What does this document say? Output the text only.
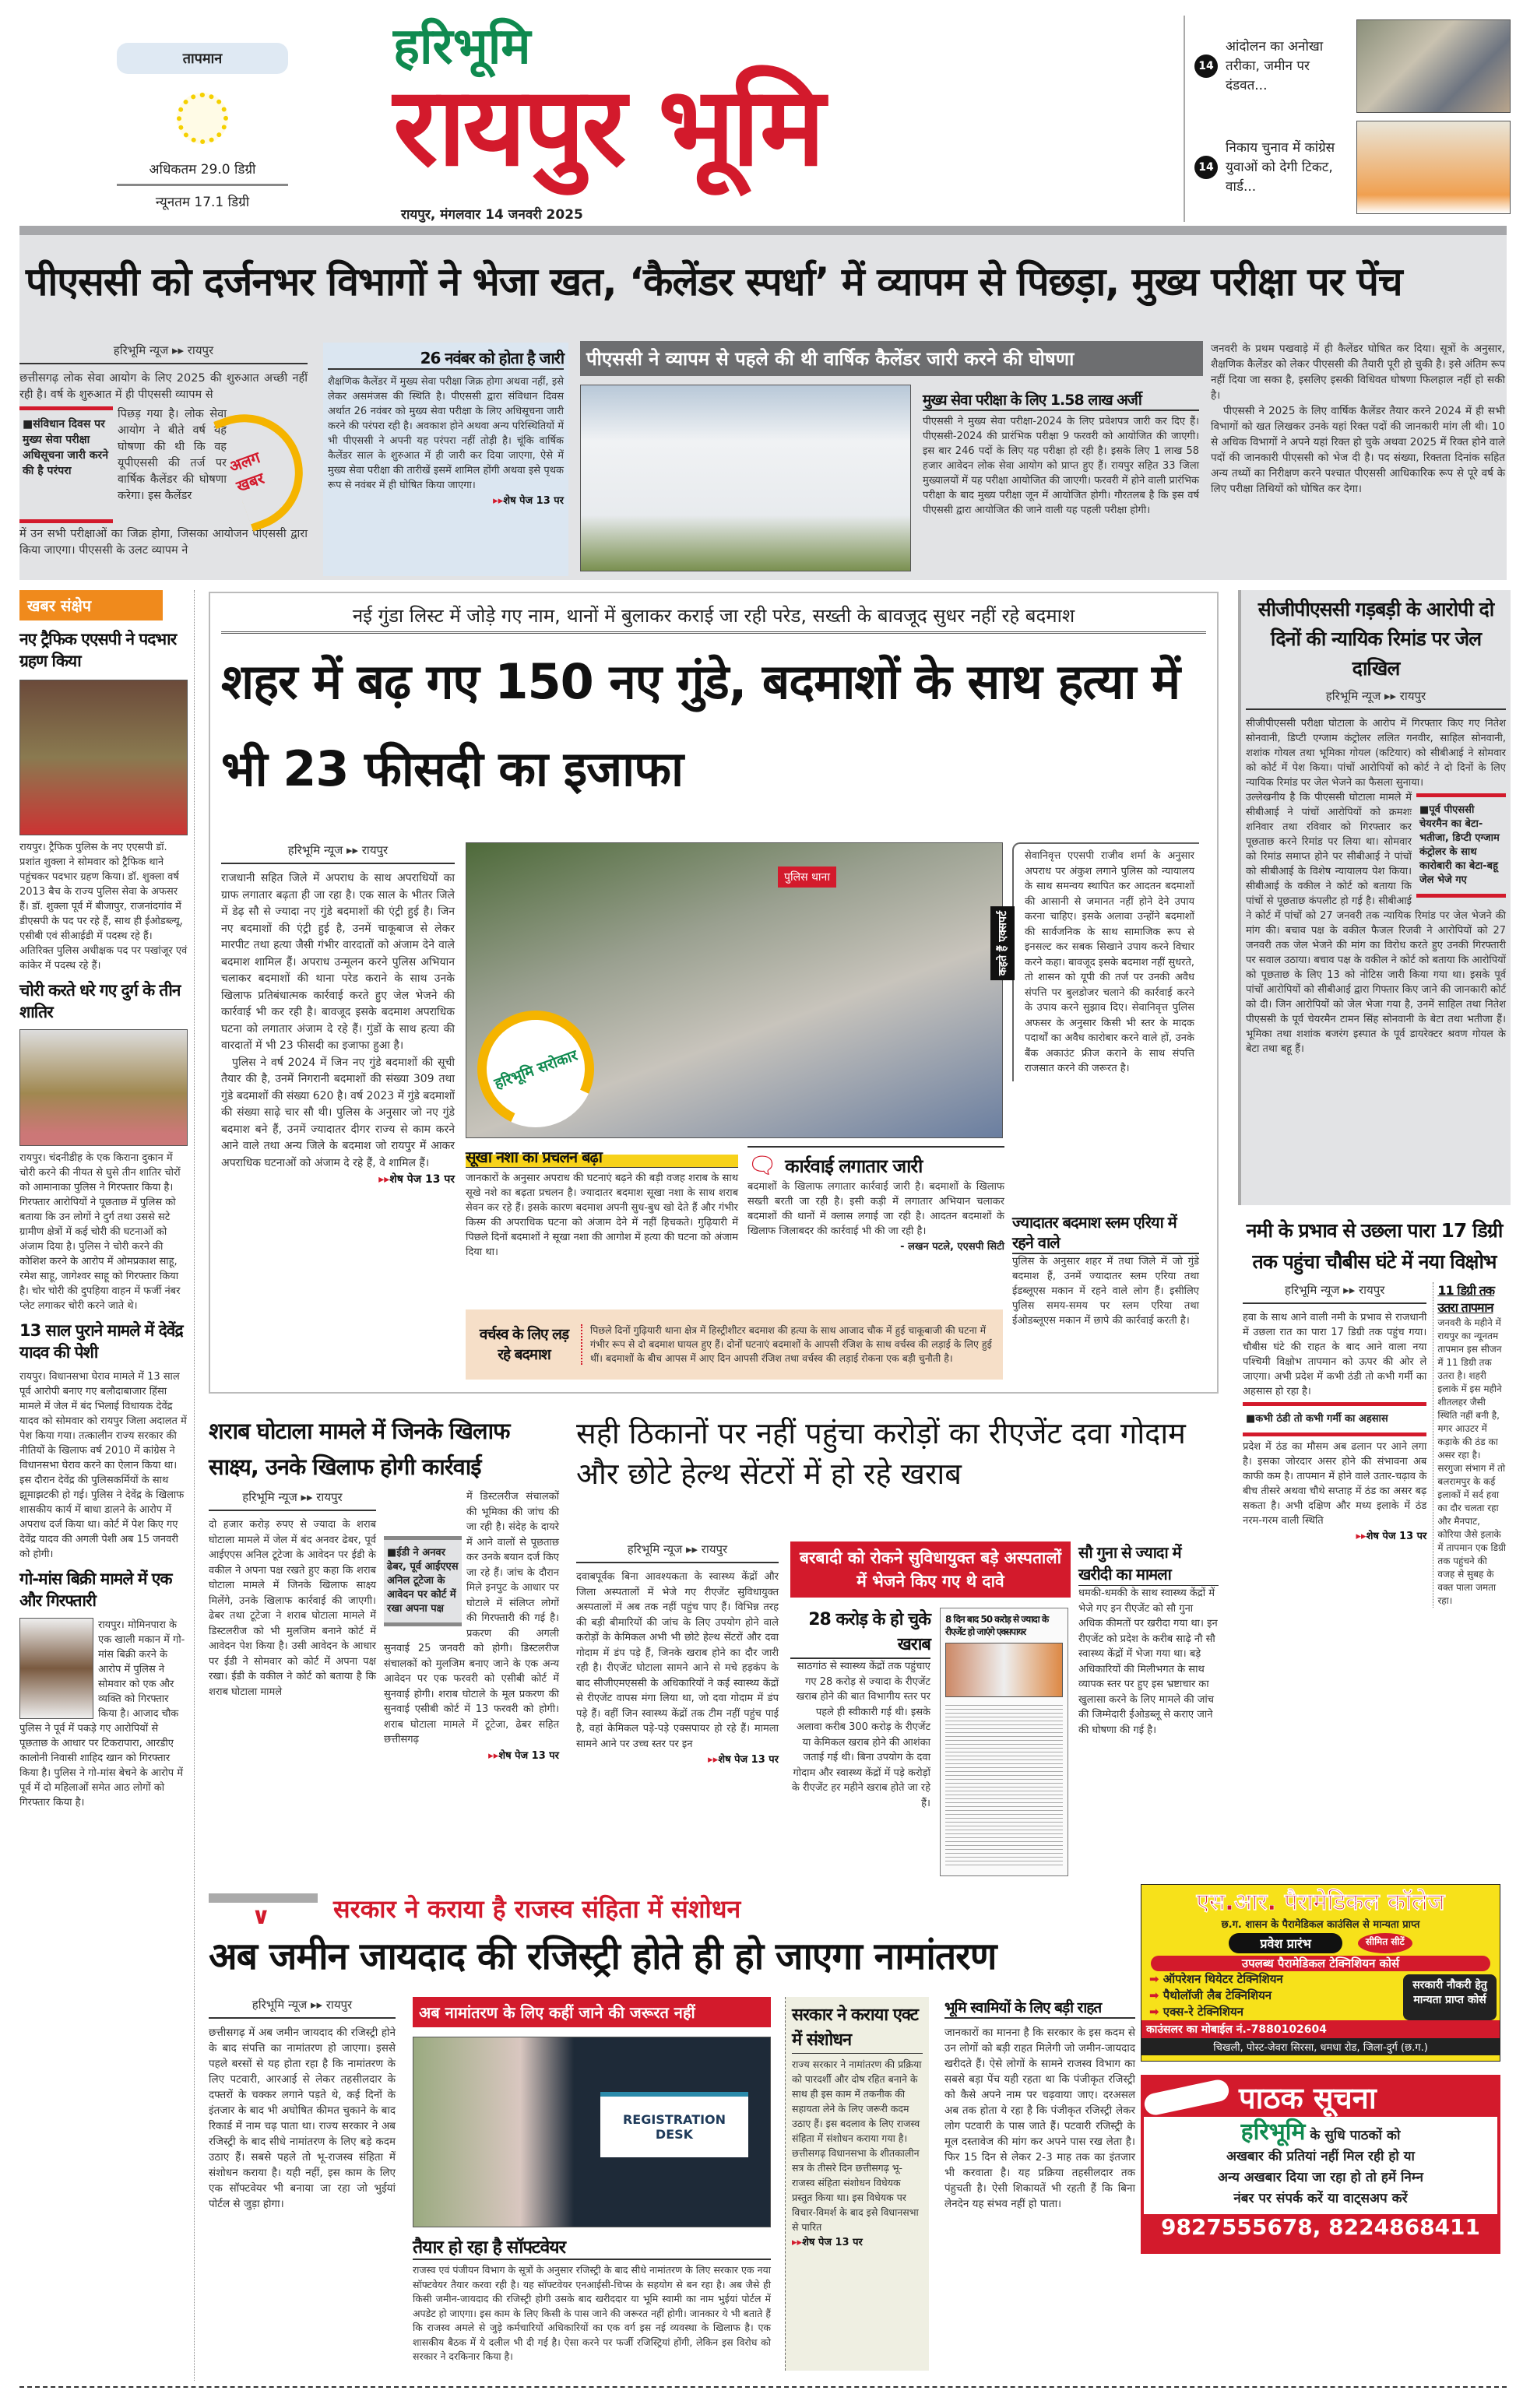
तापमान
अधिकतम 29.0 डिग्री
न्यूनतम 17.1 डिग्री
हरिभूमि
रायपुर भूमि
रायपुर, मंगलवार 14 जनवरी 2025
14
आंदोलन का अनोखा तरीका, जमीन पर दंडवत...
14
निकाय चुनाव में कांग्रेस युवाओं को देगी टिकट, वार्ड...
पीएससी को दर्जनभर विभागों ने भेजा खत, ‘कैलेंडर स्पर्धा’ में व्यापम से पिछड़ा, मुख्य परीक्षा पर पेंच
हरिभूमि न्यूज ▸▸ रायपुर

छत्तीसगढ़ लोक सेवा आयोग के लिए 2025 की शुरुआत अच्छी नहीं रही है। वर्ष के शुरुआत में ही पीएससी व्यापम से

■ संविधान दिवस पर मुख्य सेवा परीक्षा अधिसूचना जारी करने की है परंपरा

पिछड़ गया है। लोक सेवा आयोग ने बीते वर्ष यह घोषणा की थी कि वह यूपीएससी की तर्ज पर वार्षिक कैलेंडर की घोषणा करेगा। इस कैलेंडर

अलग खबर

में उन सभी परीक्षाओं का जिक्र होगा, जिसका आयोजन पीएससी द्वारा किया जाएगा। पीएससी के उलट व्यापम ने

26 नवंबर को होता है जारी

शैक्षणिक कैलेंडर में मुख्य सेवा परीक्षा जिक्र होगा अथवा नहीं, इसे लेकर असमंजस की स्थिति है। पीएससी द्वारा संविधान दिवस अर्थात 26 नवंबर को मुख्य सेवा परीक्षा के लिए अधिसूचना जारी करने की परंपरा रही है। अवकाश होने अथवा अन्य परिस्थितियों में भी पीएससी ने अपनी यह परंपरा नहीं तोड़ी है। चूंकि वार्षिक कैलेंडर साल के शुरुआत में ही जारी कर दिया जाएगा, ऐसे में मुख्य सेवा परीक्षा की तारीखें इसमें शामिल होंगी अथवा इसे पृथक रूप से नवंबर में ही घोषित किया जाएगा।

▸▸ शेष पेज 13 पर
पीएससी ने व्यापम से पहले की थी वार्षिक कैलेंडर जारी करने की घोषणा
मुख्य सेवा परीक्षा के लिए 1.58 लाख अर्जी

पीएससी ने मुख्य सेवा परीक्षा-2024 के लिए प्रवेशपत्र जारी कर दिए हैं। पीएससी-2024 की प्रारंभिक परीक्षा 9 फरवरी को आयोजित की जाएगी। इस बार 246 पदों के लिए यह परीक्षा हो रही है। इसके लिए 1 लाख 58 हजार आवेदन लोक सेवा आयोग को प्राप्त हुए हैं। रायपुर सहित 33 जिला मुख्यालयों में यह परीक्षा आयोजित की जाएगी। फरवरी में होने वाली प्रारंभिक परीक्षा के बाद मुख्य परीक्षा जून में आयोजित होगी। गौरतलब है कि इस वर्ष पीएससी द्वारा आयोजित की जाने वाली यह पहली परीक्षा होगी।

जनवरी के प्रथम पखवाड़े में ही कैलेंडर घोषित कर दिया। सूत्रों के अनुसार, शैक्षणिक कैलेंडर को लेकर पीएससी की तैयारी पूरी हो चुकी है। इसे अंतिम रूप नहीं दिया जा सका है, इसलिए इसकी विधिवत घोषणा फिलहाल नहीं हो सकी है।

पीएससी ने 2025 के लिए वार्षिक कैलेंडर तैयार करने 2024 में ही सभी विभागों को खत लिखकर उनके यहां रिक्त पदों की जानकारी मांग ली थी। 10 से अधिक विभागों ने अपने यहां रिक्त हो चुके अथवा 2025 में रिक्त होने वाले पदों की जानकारी पीएससी को भेज दी है। पद संख्या, रिक्तता दिनांक सहित अन्य तथ्यों का निरीक्षण करने पश्चात पीएससी आधिकारिक रूप से पूरे वर्ष के लिए परीक्षा तिथियों को घोषित कर देगा।

खबर संक्षेप
नए ट्रैफिक एएसपी ने पदभार ग्रहण किया

रायपुर। ट्रैफिक पुलिस के नए एएसपी डॉ. प्रशांत शुक्ला ने सोमवार को ट्रैफिक थाने पहुंचकर पदभार ग्रहण किया। डॉ. शुक्ला वर्ष 2013 बैच के राज्य पुलिस सेवा के अफसर हैं। डॉ. शुक्ला पूर्व में बीजापुर, राजनांदगांव में डीएसपी के पद पर रहे हैं, साथ ही ईओडब्ल्यू, एसीबी एवं सीआईडी में पदस्थ रहे हैं। अतिरिक्त पुलिस अधीक्षक पद पर पखांजूर एवं कांकेर में पदस्थ रहे हैं।

चोरी करते धरे गए दुर्ग के तीन शातिर

रायपुर। चंदनीडीह के एक किराना दुकान में चोरी करने की नीयत से घुसे तीन शातिर चोरों को आमानाका पुलिस ने गिरफ्तार किया है। गिरफ्तार आरोपियों ने पूछताछ में पुलिस को बताया कि उन लोगों ने दुर्ग तथा उससे सटे ग्रामीण क्षेत्रों में कई चोरी की घटनाओं को अंजाम दिया है। पुलिस ने चोरी करने की कोशिश करने के आरोप में ओमप्रकाश साहू, रमेश साहू, जागेश्वर साहू को गिरफ्तार किया है। चोर चोरी की दुपहिया वाहन में फर्जी नंबर प्लेट लगाकर चोरी करने जाते थे।

13 साल पुराने मामले में देवेंद्र यादव की पेशी

रायपुर। विधानसभा घेराव मामले में 13 साल पूर्व आरोपी बनाए गए बलौदाबाजार हिंसा मामले में जेल में बंद भिलाई विधायक देवेंद्र यादव को सोमवार को रायपुर जिला अदालत में पेश किया गया। तत्कालीन राज्य सरकार की नीतियों के खिलाफ वर्ष 2010 में कांग्रेस ने विधानसभा घेराव करने का ऐलान किया था। इस दौरान देवेंद्र की पुलिसकर्मियों के साथ झूमाझटकी हो गई। पुलिस ने देवेंद्र के खिलाफ शासकीय कार्य में बाधा डालने के आरोप में अपराध दर्ज किया था। कोर्ट में पेश किए गए देवेंद्र यादव की अगली पेशी अब 15 जनवरी को होगी।

गो-मांस बिक्री मामले में एक और गिरफ्तारी

रायपुर। मोमिनपारा के एक खाली मकान में गो-मांस बिक्री करने के आरोप में पुलिस ने सोमवार को एक और व्यक्ति को गिरफ्तार किया है। आजाद चौक पुलिस ने पूर्व में पकड़े गए आरोपियों से पूछताछ के आधार पर टिकरापारा, आरडीए कालोनी निवासी शाहिद खान को गिरफ्तार किया है। पुलिस ने गो-मांस बेचने के आरोप में पूर्व में दो महिलाओं समेत आठ लोगों को गिरफ्तार किया है।

नई गुंडा लिस्ट में जोड़े गए नाम, थानों में बुलाकर कराई जा रही परेड, सख्ती के बावजूद सुधर नहीं रहे बदमाश
शहर में बढ़ गए 150 नए गुंडे, बदमाशों के साथ हत्या में भी 23 फीसदी का इजाफा
हरिभूमि न्यूज ▸▸ रायपुर

राजधानी सहित जिले में अपराध के साथ अपराधियों का ग्राफ लगातार बढ़ता ही जा रहा है। एक साल के भीतर जिले में डेढ़ सौ से ज्यादा नए गुंडे बदमाशों की एंट्री हुई है। जिन नए बदमाशों की एंट्री हुई है, उनमें चाकूबाज से लेकर मारपीट तथा हत्या जैसी गंभीर वारदातों को अंजाम देने वाले बदमाश शामिल हैं। अपराध उन्मूलन करने पुलिस अभियान चलाकर बदमाशों की थाना परेड कराने के साथ उनके खिलाफ प्रतिबंधात्मक कार्रवाई करते हुए जेल भेजने की कार्रवाई भी कर रही है। बावजूद इसके बदमाश अपराधिक घटना को लगातार अंजाम दे रहे हैं। गुंडों के साथ हत्या की वारदातों में भी 23 फीसदी का इजाफा हुआ है।

पुलिस ने वर्ष 2024 में जिन नए गुंडे बदमाशों की सूची तैयार की है, उनमें निगरानी बदमाशों की संख्या 309 तथा गुंडे बदमाशों की संख्या 620 है। वर्ष 2023 में गुंडे बदमाशों की संख्या साढ़े चार सौ थी। पुलिस के अनुसार जो नए गुंडे बदमाश बने हैं, उनमें ज्यादातर दीगर राज्य से काम करने आने वाले तथा अन्य जिले के बदमाश जो रायपुर में आकर अपराधिक घटनाओं को अंजाम दे रहे हैं, वे शामिल हैं।

▸▸ शेष पेज 13 पर
पुलिस थाना
हरिभूमि सरोकार
कहते हैं एक्सपर्ट

सेवानिवृत्त एएसपी राजीव शर्मा के अनुसार अपराध पर अंकुश लगाने पुलिस को न्यायालय के साथ समन्वय स्थापित कर आदतन बदमाशों की आसानी से जमानत नहीं होने देने उपाय करना चाहिए। इसके अलावा उन्होंने बदमाशों की सार्वजनिक के साथ सामाजिक रूप से इनसल्ट कर सबक सिखाने उपाय करने विचार करने कहा। बावजूद इसके बदमाश नहीं सुधरते, तो शासन को यूपी की तर्ज पर उनकी अवैध संपत्ति पर बुलडोजर चलाने की कार्रवाई करने के उपाय करने सुझाव दिए। सेवानिवृत्त पुलिस अफसर के अनुसार किसी भी स्तर के मादक पदार्थों का अवैध कारोबार करने वाले हों, उनके बैंक अकाउंट फ्रीज कराने के साथ संपत्ति राजसात करने की जरूरत है।

सूखा नशा का प्रचलन बढ़ा

जानकारों के अनुसार अपराध की घटनाएं बढ़ने की बड़ी वजह शराब के साथ सूखे नशे का बढ़ता प्रचलन है। ज्यादातर बदमाश सूखा नशा के साथ शराब सेवन कर रहे हैं। इसके कारण बदमाश अपनी सुध-बुध खो देते हैं और गंभीर किस्म की अपराधिक घटना को अंजाम देने में नहीं हिचकते। गुढ़ियारी में पिछले दिनों बदमाशों ने सूखा नशा की आगोश में हत्या की घटना को अंजाम दिया था।

🗨 कार्रवाई लगातार जारी

बदमाशों के खिलाफ लगातार कार्रवाई जारी है। बदमाशों के खिलाफ सख्ती बरती जा रही है। इसी कड़ी में लगातार अभियान चलाकर बदमाशों की थानों में क्लास लगाई जा रही है। आदतन बदमाशों के खिलाफ जिलाबदर की कार्रवाई भी की जा रही है।

- लखन पटले, एएसपी सिटी
ज्यादातर बदमाश स्लम एरिया में रहने वाले

पुलिस के अनुसार शहर में तथा जिले में जो गुंडे बदमाश हैं, उनमें ज्यादातर स्लम एरिया तथा ईडब्लूएस मकान में रहने वाले लोग हैं। इसीलिए पुलिस समय-समय पर स्लम एरिया तथा ईओडब्लूएस मकान में छापे की कार्रवाई करती है।

वर्चस्व के लिए लड़ रहे बदमाश

पिछले दिनों गुढ़ियारी थाना क्षेत्र में हिस्ट्रीशीटर बदमाश की हत्या के साथ आजाद चौक में हुई चाकूबाजी की घटना में गंभीर रूप से दो बदमाश घायल हुए हैं। दोनों घटनाएं बदमाशों के आपसी रंजिश के साथ वर्चस्व की लड़ाई के लिए हुई थीं। बदमाशों के बीच आपस में आए दिन आपसी रंजिश तथा वर्चस्व की लड़ाई रोकना एक बड़ी चुनौती है।

सीजीपीएससी गड़बड़ी के आरोपी दो दिनों की न्यायिक रिमांड पर जेल दाखिल
हरिभूमि न्यूज ▸▸ रायपुर

सीजीपीएससी परीक्षा घोटाला के आरोप में गिरफ्तार किए गए नितेश सोनवानी, डिप्टी एग्जाम कंट्रोलर ललित गनवीर, साहिल सोनवानी, शशांक गोयल तथा भूमिका गोयल (कटियार) को सीबीआई ने सोमवार को कोर्ट में पेश किया। पांचों आरोपियों को कोर्ट ने दो दिनों के लिए न्यायिक रिमांड पर जेल भेजने का फैसला सुनाया।

■ पूर्व पीएससी चेयरमैन का बेटा-भतीजा, डिप्टी एग्जाम कंट्रोलर के साथ कारोबारी का बेटा-बहू जेल भेजे गए

उल्लेखनीय है कि पीएससी घोटाला मामले में सीबीआई ने पांचों आरोपियों को क्रमशः शनिवार तथा रविवार को गिरफ्तार कर पूछताछ करने रिमांड पर लिया था। सोमवार को रिमांड समाप्त होने पर सीबीआई ने पांचों को सीबीआई के विशेष न्यायालय पेश किया। सीबीआई के वकील ने कोर्ट को बताया कि पांचों से पूछताछ कंपलीट हो गई है। सीबीआई ने कोर्ट में पांचों को 27 जनवरी तक न्यायिक रिमांड पर जेल भेजने की मांग की। बचाव पक्ष के वकील फैजल रिजवी ने आरोपियों को 27 जनवरी तक जेल भेजने की मांग का विरोध करते हुए उनकी गिरफ्तारी पर सवाल उठाया। बचाव पक्ष के वकील ने कोर्ट को बताया कि आरोपियों को पूछताछ के लिए 13 को नोटिस जारी किया गया था। इसके पूर्व पांचों आरोपियों को सीबीआई द्वारा गिफ्तार किए जाने की जानकारी कोर्ट को दी। जिन आरोपियों को जेल भेजा गया है, उनमें साहिल तथा नितेश पीएससी के पूर्व चेयरमैन टामन सिंह सोनवानी के बेटा तथा भतीजा हैं। भूमिका तथा शशांक बजरंग इस्पात के पूर्व डायरेक्टर श्रवण गोयल के बेटा तथा बहू हैं।

नमी के प्रभाव से उछला पारा 17 डिग्री तक पहुंचा चौबीस घंटे में नया विक्षोभ
हरिभूमि न्यूज ▸▸ रायपुर

हवा के साथ आने वाली नमी के प्रभाव से राजधानी में उछला रात का पारा 17 डिग्री तक पहुंच गया। चौबीस घंटे की राहत के बाद आने वाला नया पश्चिमी विक्षोभ तापमान को ऊपर की ओर ले जाएगा। अभी प्रदेश में कभी ठंडी तो कभी गर्मी का अहसास हो रहा है।

■ कभी ठंडी तो कभी गर्मी का अहसास

प्रदेश में ठंड का मौसम अब ढलान पर आने लगा है। इसका जोरदार असर होने की संभावना अब काफी कम है। तापमान में होने वाले उतार-चढ़ाव के बीच तीसरे अथवा चौथे सप्ताह में ठंड का असर बढ़ सकता है। अभी दक्षिण और मध्य इलाके में ठंड नरम-गरम वाली स्थिति

▸▸ शेष पेज 13 पर
11 डिग्री तक उतरा तापमान

जनवरी के महीने में रायपुर का न्यूनतम तापमान इस सीजन में 11 डिग्री तक उतरा है। शहरी इलाके में इस महीने शीतलहर जैसी स्थिति नहीं बनी है, मगर आउटर में कड़ाके की ठंड का असर रहा है। सरगुजा संभाग में तो बलरामपुर के कई इलाकों में सर्द हवा का दौर चलता रहा और मैनपाट, कोरिया जैसे इलाके में तापमान एक डिग्री तक पहुंचने की वजह से सुबह के वक्त पाला जमता रहा।

शराब घोटाला मामले में जिनके खिलाफ साक्ष्य, उनके खिलाफ होगी कार्रवाई
हरिभूमि न्यूज ▸▸ रायपुर

दो हजार करोड़ रुपए से ज्यादा के शराब घोटाला मामले में जेल में बंद अनवर ढेबर, पूर्व आईएएस अनिल टूटेजा के आवेदन पर ईडी के वकील ने अपना पक्ष रखते हुए कहा कि शराब घोटाला मामले में जिनके खिलाफ साक्ष्य मिलेंगे, उनके खिलाफ कार्रवाई की जाएगी। ढेबर तथा टूटेजा ने शराब घोटाला मामले में डिस्टलरीज को भी मुलजिम बनाने कोर्ट में आवेदन पेश किया है। उसी आवेदन के आधार पर ईडी ने सोमवार को कोर्ट में अपना पक्ष रखा। ईडी के वकील ने कोर्ट को बताया है कि शराब घोटाला मामले

■ ईडी ने अनवर ढेबर, पूर्व आईएएस अनिल टूटेजा के आवेदन पर कोर्ट में रखा अपना पक्ष

में डिस्टलरीज संचालकों की भूमिका की जांच की जा रही है। संदेह के दायरे में आने वालों से पूछताछ कर उनके बयान दर्ज किए जा रहे हैं। जांच के दौरान मिले इनपुट के आधार पर घोटाले में संलिप्त लोगों की गिरफ्तारी की गई है। प्रकरण की अगली सुनवाई 25 जनवरी को होगी। डिस्टलरीज संचालकों को मुलजिम बनाए जाने के एक अन्य आवेदन पर एक फरवरी को एसीबी कोर्ट में सुनवाई होगी। शराब घोटाले के मूल प्रकरण की सुनवाई एसीबी कोर्ट में 13 फरवरी को होगी। शराब घोटाला मामले में टूटेजा, ढेबर सहित छत्तीसगढ़

▸▸ शेष पेज 13 पर
सही ठिकानों पर नहीं पहुंचा करोड़ों का रीएजेंट दवा गोदाम और छोटे हेल्थ सेंटरों में हो रहे खराब
हरिभूमि न्यूज ▸▸ रायपुर

दवाबपूर्वक बिना आवश्यकता के स्वास्थ्य केंद्रों और जिला अस्पतालों में भेजे गए रीएजेंट सुविधायुक्त अस्पतालों में अब तक नहीं पहुंच पाए हैं। विभिन्न तरह की बड़ी बीमारियों की जांच के लिए उपयोग होने वाले करोड़ों के केमिकल अभी भी छोटे हेल्थ सेंटरों और दवा गोदाम में डंप पड़े हैं, जिनके खराब होने का दौर जारी रही है। रीएजेंट घोटाला सामने आने से मचे हड़कंप के बाद सीजीएमएससी के अधिकारियों ने कई स्वास्थ्य केंद्रों से रीएजेंट वापस मंगा लिया था, जो दवा गोदाम में डंप पड़े हैं। वहीं जिन स्वास्थ्य केंद्रों तक टीम नहीं पहुंच पाई है, वहां केमिकल पड़े-पड़े एक्सपायर हो रहे हैं। मामला सामने आने पर उच्च स्तर पर इन

▸▸ शेष पेज 13 पर
बरबादी को रोकने सुविधायुक्त बड़े अस्पतालों में भेजने किए गए थे दावे
28 करोड़ के हो चुके खराब

साठगांठ से स्वास्थ्य केंद्रों तक पहुंचाए गए 28 करोड़ से ज्यादा के रीएजेंट खराब होने की बात विभागीय स्तर पर पहले ही स्वीकारी गई थी। इसके अलावा करीब 300 करोड़ के रीएजेंट या केमिकल खराब होने की आशंका जताई गई थी। बिना उपयोग के दवा गोदाम और स्वास्थ्य केंद्रों में पड़े करोड़ों के रीएजेंट हर महीने खराब होते जा रहे हैं।

8 दिन बाद 50 करोड़ से ज्यादा के रीएजेंट हो जाएंगे एक्सपायर
सौ गुना से ज्यादा में खरीदी का मामला

धमकी-धमकी के साथ स्वास्थ्य केंद्रों में भेजे गए इन रीएजेंट को सौ गुना अधिक कीमतों पर खरीदा गया था। इन रीएजेंट को प्रदेश के करीब साढ़े नौ सौ स्वास्थ्य केंद्रों में भेजा गया था। बड़े अधिकारियों की मिलीभगत के साथ व्यापक स्तर पर हुए इस भ्रष्टाचार का खुलासा करने के लिए मामले की जांच की जिम्मेदारी ईओडब्लू से कराए जाने की घोषणा की गई है।

∨	सरकार ने कराया है राजस्व संहिता में संशोधन
अब जमीन जायदाद की रजिस्ट्री होते ही हो जाएगा नामांतरण
हरिभूमि न्यूज ▸▸ रायपुर

छत्तीसगढ़ में अब जमीन जायदाद की रजिस्ट्री होने के बाद संपत्ति का नामांतरण हो जाएगा। इससे पहले बरसों से यह होता रहा है कि नामांतरण के लिए पटवारी, आरआई से लेकर तहसीलदार के दफ्तरों के चक्कर लगाने पड़ते थे, कई दिनों के इंतजार के बाद भी अघोषित कीमत चुकाने के बाद रिकार्ड में नाम चढ़ पाता था। राज्य सरकार ने अब रजिस्ट्री के बाद सीधे नामांतरण के लिए बड़े कदम उठाए हैं। सबसे पहले तो भू-राजस्व संहिता में संशोधन कराया है। यही नहीं, इस काम के लिए एक सॉफ्टवेयर भी बनाया जा रहा जो भुईयां पोर्टल से जुड़ा होगा।

अब नामांतरण के लिए कहीं जाने की जरूरत नहीं
REGISTRATION DESK
तैयार हो रहा है सॉफ्टवेयर

राजस्व एवं पंजीयन विभाग के सूत्रों के अनुसार रजिस्ट्री के बाद सीधे नामांतरण के लिए सरकार एक नया सॉफ्टवेयर तैयार करवा रही है। यह सॉफ्टवेयर एनआईसी-चिप्स के सहयोग से बन रहा है। अब जैसे ही किसी जमीन-जायदाद की रजिस्ट्री होगी उसके बाद खरीददार या भूमि स्वामी का नाम भुईयां पोर्टल में अपडेट हो जाएगा। इस काम के लिए किसी के पास जाने की जरूरत नहीं होगी। जानकार ये भी बताते हैं कि राजस्व अमले से जुड़े कर्मचारियों अधिकारियों का एक वर्ग इस नई व्यवस्था के खिलाफ है। एक शासकीय बैठक में ये दलील भी दी गई है। ऐसा करने पर फर्जी रजिस्ट्रियां होंगी, लेकिन इस विरोध को सरकार ने दरकिनार किया है।

सरकार ने कराया एक्ट में संशोधन

राज्य सरकार ने नामांतरण की प्रक्रिया को पारदर्शी और दोष रहित बनाने के साथ ही इस काम में तकनीक की सहायता लेने के लिए जरूरी कदम उठाए हैं। इस बदलाव के लिए राजस्व संहिता में संशोधन कराया गया है। छत्तीसगढ़ विधानसभा के शीतकालीन सत्र के तीसरे दिन छत्तीसगढ़ भू-राजस्व संहिता संशोधन विधेयक प्रस्तुत किया था। इस विधेयक पर विचार-विमर्श के बाद इसे विधानसभा से पारित

▸▸ शेष पेज 13 पर
भूमि स्वामियों के लिए बड़ी राहत

जानकारों का मानना है कि सरकार के इस कदम से उन लोगों को बड़ी राहत मिलेगी जो जमीन-जायदाद खरीदते हैं। ऐसे लोगों के सामने राजस्व विभाग का सबसे बड़ा पेंच यही रहता था कि पंजीकृत रजिस्ट्री को कैसे अपने नाम पर चढ़वाया जाए। दरअसल अब तक होता ये रहा है कि पंजीकृत रजिस्ट्री लेकर लोग पटवारी के पास जाते हैं। पटवारी रजिस्ट्री के मूल दस्तावेज की मांग कर अपने पास रख लेता है। फिर 15 दिन से लेकर 2-3 माह तक का इंतजार भी करवाता है। यह प्रक्रिया तहसीलदार तक पंहुचती है। ऐसी शिकायतें भी रहती हैं कि बिना लेनदेन यह संभव नहीं हो पाता।

एस.आर. पैरामेडिकल कॉलेज
छ.ग. शासन के पैरामेडिकल काउंसिल से मान्यता प्राप्त
प्रवेश प्रारंभ	सीमित सीटें
उपलब्ध पैरामेडिकल टेक्निशियन कोर्स
➡ ऑपरेशन थियेटर टेक्निशियन
➡ पैथोलॉजी लैब टेक्निशियन
➡ एक्स-रे टेक्निशियन
सरकारी नौकरी हेतु मान्यता प्राप्त कोर्स
काउंसलर का मोबाईल नं.-7880102604
चिखली, पोस्ट-जेवरा सिरसा, धमधा रोड, जिला-दुर्ग (छ.ग.)
पाठक सूचना
हरिभूमि के सुधि पाठकों को
अखबार की प्रतियां नहीं मिल रही हो या
अन्य अखबार दिया जा रहा हो तो हमें निम्न
नंबर पर संपर्क करें या वाट्सअप करें
9827555678, 8224868411
